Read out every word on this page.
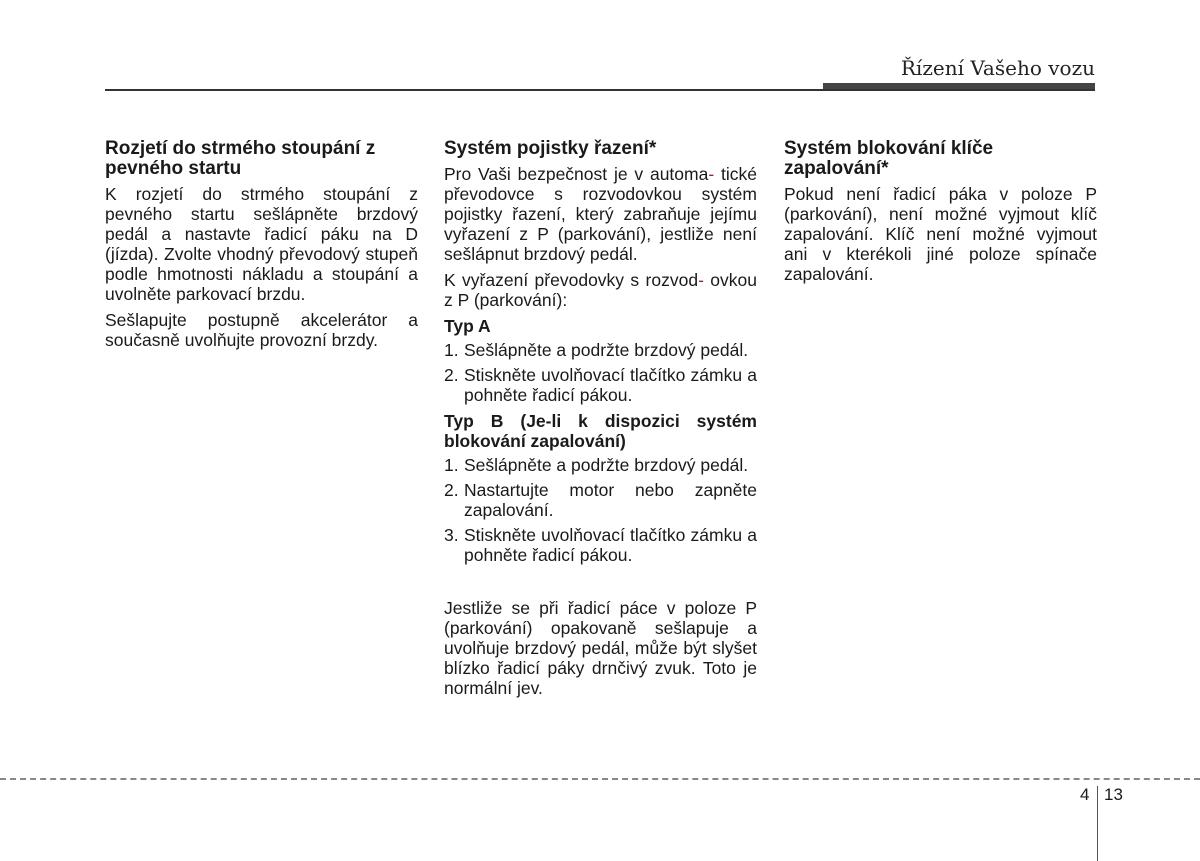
Řízení Vašeho vozu
Rozjetí do strmého stoupání z pevného startu
K rozjetí do strmého stoupání z pevného startu sešlápněte brzdový pedál a nastavte řadicí páku na D (jízda). Zvolte vhodný převodový stupeň podle hmotnosti nákladu a stoupání a uvolněte parkovací brzdu.
Sešlapujte postupně akcelerátor a současně uvolňujte provozní brzdy.
Systém pojistky řazení*
Pro Vaši bezpečnost je v automa- tické převodovce s rozvodovkou systém pojistky řazení, který zabraňuje jejímu vyřazení z P (parkování), jestliže není sešlápnut brzdový pedál.
K vyřazení převodovky s rozvod- ovkou z P (parkování):
Typ A
1. Sešlápněte a podržte brzdový pedál.
2. Stiskněte uvolňovací tlačítko zámku a pohněte řadicí pákou.
Typ B (Je-li k dispozici systém blokování zapalování)
1. Sešlápněte a podržte brzdový pedál.
2. Nastartujte motor nebo zapněte zapalování.
3. Stiskněte uvolňovací tlačítko zámku a pohněte řadicí pákou.
Jestliže se při řadicí páce v poloze P (parkování) opakovaně sešlapuje a uvolňuje brzdový pedál, může být slyšet blízko řadicí páky drnčivý zvuk. Toto je normální jev.
Systém blokování klíče zapalování*
Pokud není řadicí páka v poloze P (parkování), není možné vyjmout klíč zapalování. Klíč není možné vyjmout ani v kterékoli jiné poloze spínače zapalování.
4 13
